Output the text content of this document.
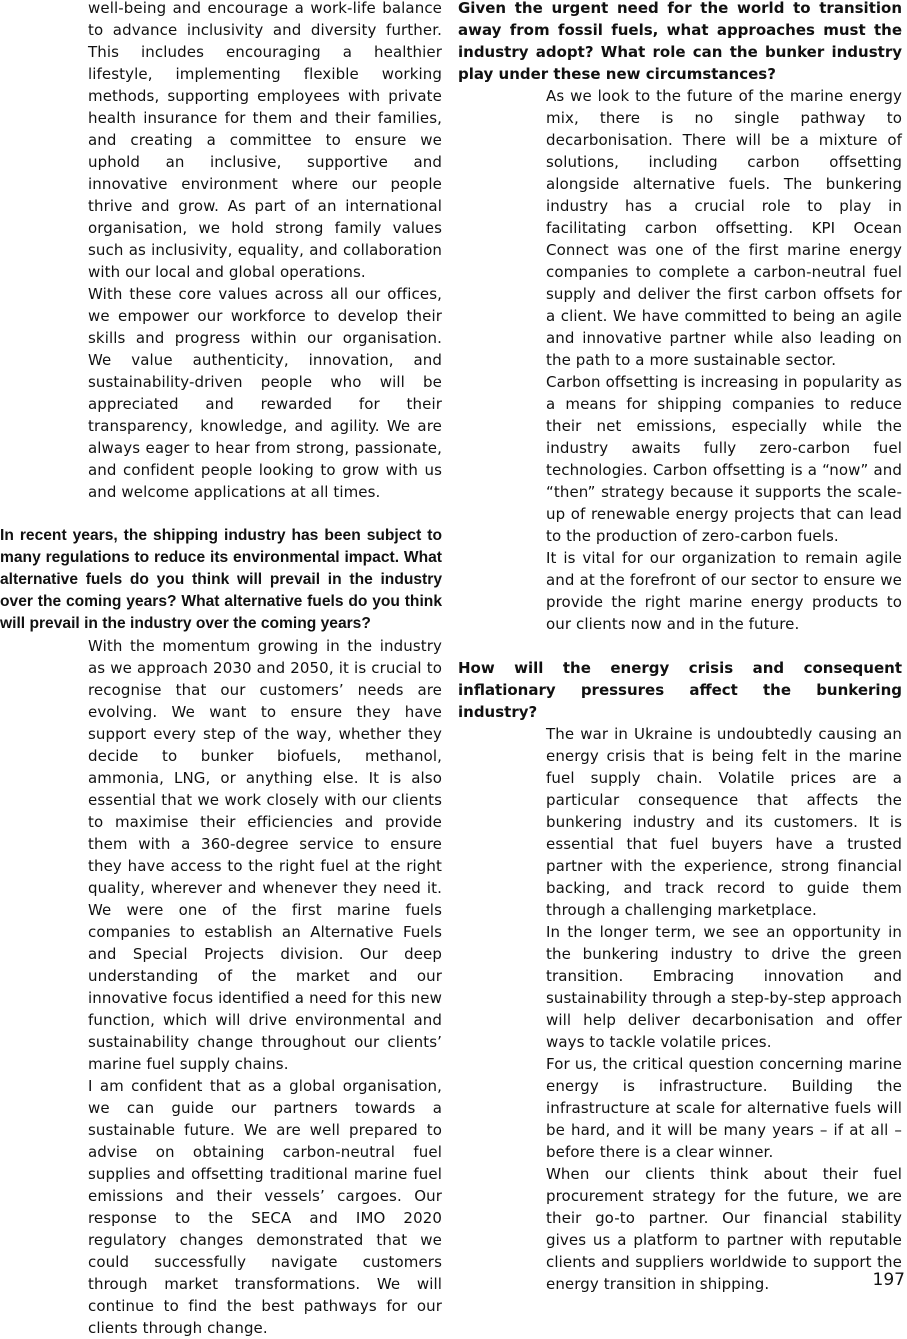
well-being and encourage a work-life balance to advance inclusivity and diversity further. This includes encouraging a healthier lifestyle, implementing flexible working methods, supporting employees with private health insurance for them and their families, and creating a committee to ensure we uphold an inclusive, supportive and innovative environment where our people thrive and grow. As part of an international organisation, we hold strong family values such as inclusivity, equality, and collaboration with our local and global operations.

With these core values across all our offices, we empower our workforce to develop their skills and progress within our organisation. We value authenticity, innovation, and sustainability-driven people who will be appreciated and rewarded for their transparency, knowledge, and agility. We are always eager to hear from strong, passionate, and confident people looking to grow with us and welcome applications at all times.

In recent years, the shipping industry has been subject to many regulations to reduce its environmental impact. What alternative fuels do you think will prevail in the industry over the coming years? What alternative fuels do you think will prevail in the industry over the coming years?

With the momentum growing in the industry as we approach 2030 and 2050, it is crucial to recognise that our customers’ needs are evolving. We want to ensure they have support every step of the way, whether they decide to bunker biofuels, methanol, ammonia, LNG, or anything else. It is also essential that we work closely with our clients to maximise their efficiencies and provide them with a 360-degree service to ensure they have access to the right fuel at the right quality, wherever and whenever they need it. We were one of the first marine fuels companies to establish an Alternative Fuels and Special Projects division. Our deep understanding of the market and our innovative focus identified a need for this new function, which will drive environmental and sustainability change throughout our clients’ marine fuel supply chains.

I am confident that as a global organisation, we can guide our partners towards a sustainable future. We are well prepared to advise on obtaining carbon-neutral fuel supplies and offsetting traditional marine fuel emissions and their vessels’ cargoes. Our response to the SECA and IMO 2020 regulatory changes demonstrated that we could successfully navigate customers through market transformations. We will continue to find the best pathways for our clients through change.

Given the urgent need for the world to transition away from fossil fuels, what approaches must the industry adopt? What role can the bunker industry play under these new circumstances?

As we look to the future of the marine energy mix, there is no single pathway to decarbonisation. There will be a mixture of solutions, including carbon offsetting alongside alternative fuels. The bunkering industry has a crucial role to play in facilitating carbon offsetting. KPI Ocean Connect was one of the first marine energy companies to complete a carbon-neutral fuel supply and deliver the first carbon offsets for a client. We have committed to being an agile and innovative partner while also leading on the path to a more sustainable sector.

Carbon offsetting is increasing in popularity as a means for shipping companies to reduce their net emissions, especially while the industry awaits fully zero-carbon fuel technologies. Carbon offsetting is a “now” and “then” strategy because it supports the scale-up of renewable energy projects that can lead to the production of zero-carbon fuels.

It is vital for our organization to remain agile and at the forefront of our sector to ensure we provide the right marine energy products to our clients now and in the future.

How will the energy crisis and consequent inflationary pressures affect the bunkering industry?

The war in Ukraine is undoubtedly causing an energy crisis that is being felt in the marine fuel supply chain. Volatile prices are a particular consequence that affects the bunkering industry and its customers. It is essential that fuel buyers have a trusted partner with the experience, strong financial backing, and track record to guide them through a challenging marketplace.

In the longer term, we see an opportunity in the bunkering industry to drive the green transition. Embracing innovation and sustainability through a step-by-step approach will help deliver decarbonisation and offer ways to tackle volatile prices.

For us, the critical question concerning marine energy is infrastructure. Building the infrastructure at scale for alternative fuels will be hard, and it will be many years – if at all – before there is a clear winner.

When our clients think about their fuel procurement strategy for the future, we are their go-to partner. Our financial stability gives us a platform to partner with reputable clients and suppliers worldwide to support the energy transition in shipping.	197
